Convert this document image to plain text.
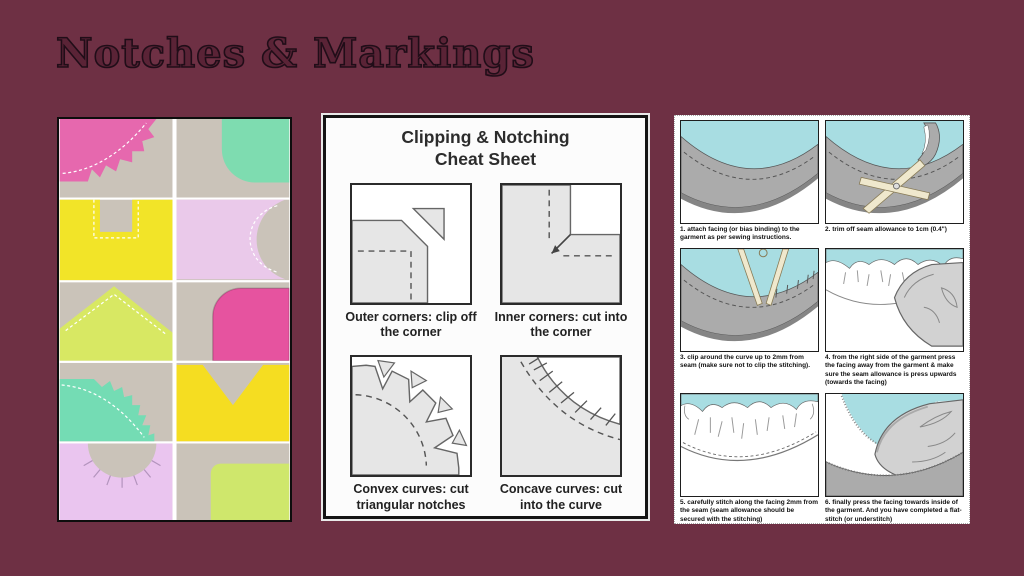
Notches & Markings

Clipping & Notching
Cheat Sheet

Outer corners: clip off the corner
Inner corners: cut into the corner
Convex curves: cut triangular notches
Concave curves: cut into the curve
1. attach facing (or bias binding) to the garment as per sewing instructions.
2. trim off seam allowance to 1cm (0.4")
3. clip around the curve up to 2mm from seam (make sure not to clip the stitching).
4. from the right side of the garment press the facing away from the garment & make sure the seam allowance is press upwards (towards the facing)
5. carefully stitch along the facing 2mm from the seam (seam allowance should be secured with the stitching)
6. finally press the facing towards inside of the garment. And you have completed a flat-stitch (or understitch)
